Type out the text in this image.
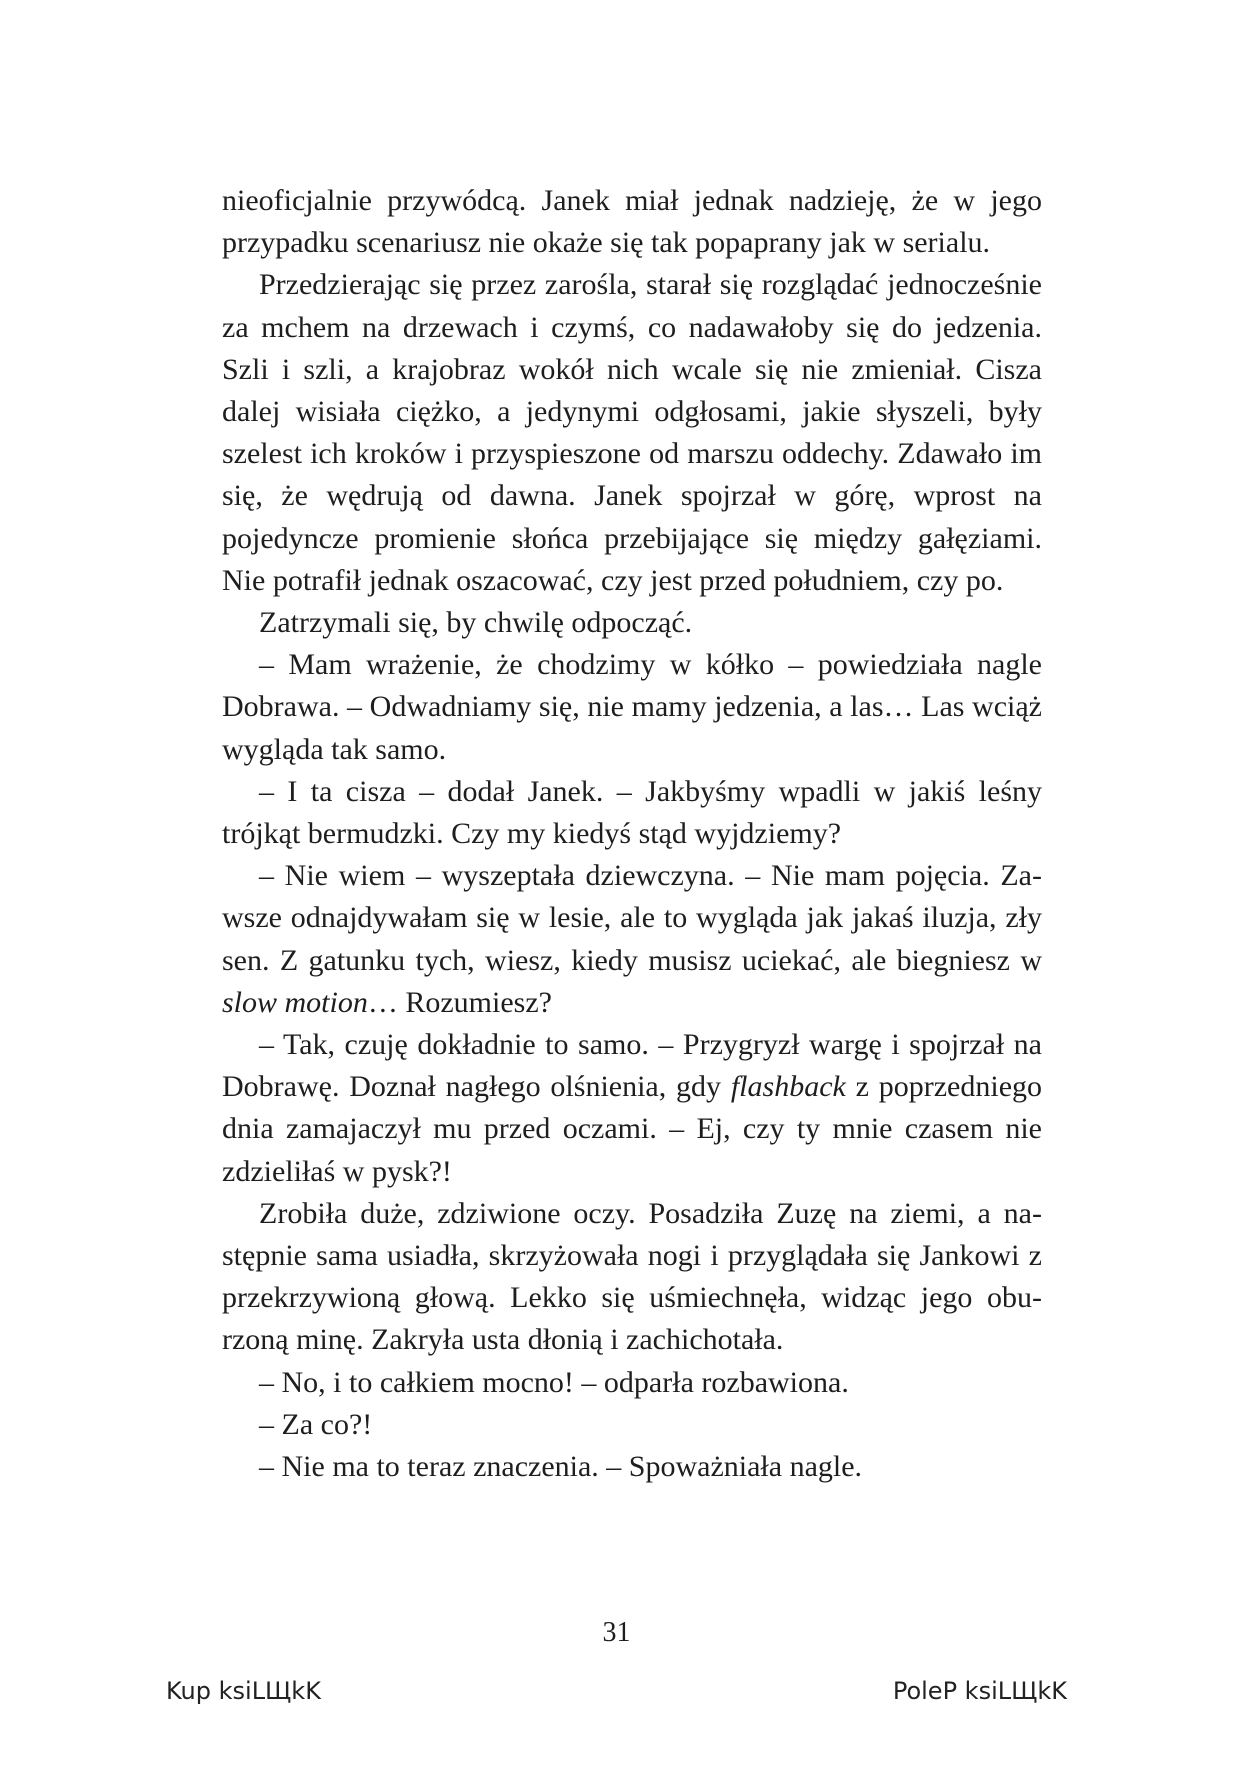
nieoficjalnie przywódcą. Janek miał jednak nadzieję, że w jego przypadku scenariusz nie okaże się tak popaprany jak w serialu.

Przedzierając się przez zarośla, starał się rozglądać jednocześnie za mchem na drzewach i czymś, co nadawałoby się do jedzenia. Szli i szli, a krajobraz wokół nich wcale się nie zmieniał. Cisza dalej wisiała ciężko, a jedynymi odgłosami, jakie słyszeli, były szelest ich kroków i przyspieszone od marszu oddechy. Zdawało im się, że wędrują od dawna. Janek spojrzał w górę, wprost na pojedyncze promienie słońca przebijające się między gałęziami. Nie potrafił jednak oszacować, czy jest przed południem, czy po.

Zatrzymali się, by chwilę odpocząć.

– Mam wrażenie, że chodzimy w kółko – powiedziała nagle Dobrawa. – Odwadniamy się, nie mamy jedzenia, a las… Las wciąż wygląda tak samo.

– I ta cisza – dodał Janek. – Jakbyśmy wpadli w jakiś leśny trójkąt bermudzki. Czy my kiedyś stąd wyjdziemy?

– Nie wiem – wyszeptała dziewczyna. – Nie mam pojęcia. Zawsze odnajdywałam się w lesie, ale to wygląda jak jakaś iluzja, zły sen. Z gatunku tych, wiesz, kiedy musisz uciekać, ale biegniesz w slow motion… Rozumiesz?

– Tak, czuję dokładnie to samo. – Przygryzł wargę i spojrzał na Dobrawę. Doznał nagłego olśnienia, gdy flashback z poprzedniego dnia zamajaczył mu przed oczami. – Ej, czy ty mnie czasem nie zdzieliłaś w pysk?!

Zrobiła duże, zdziwione oczy. Posadziła Zuzę na ziemi, a następnie sama usiadła, skrzyżowała nogi i przyglądała się Jankowi z przekrzywioną głową. Lekko się uśmiechnęła, widząc jego oburzoną minę. Zakryła usta dłonią i zachichotała.

– No, i to całkiem mocno! – odparła rozbawiona.

– Za co?!

– Nie ma to teraz znaczenia. – Spoważniała nagle.

31
Kup ksiLЩkK	PoleP ksiLЩkK
